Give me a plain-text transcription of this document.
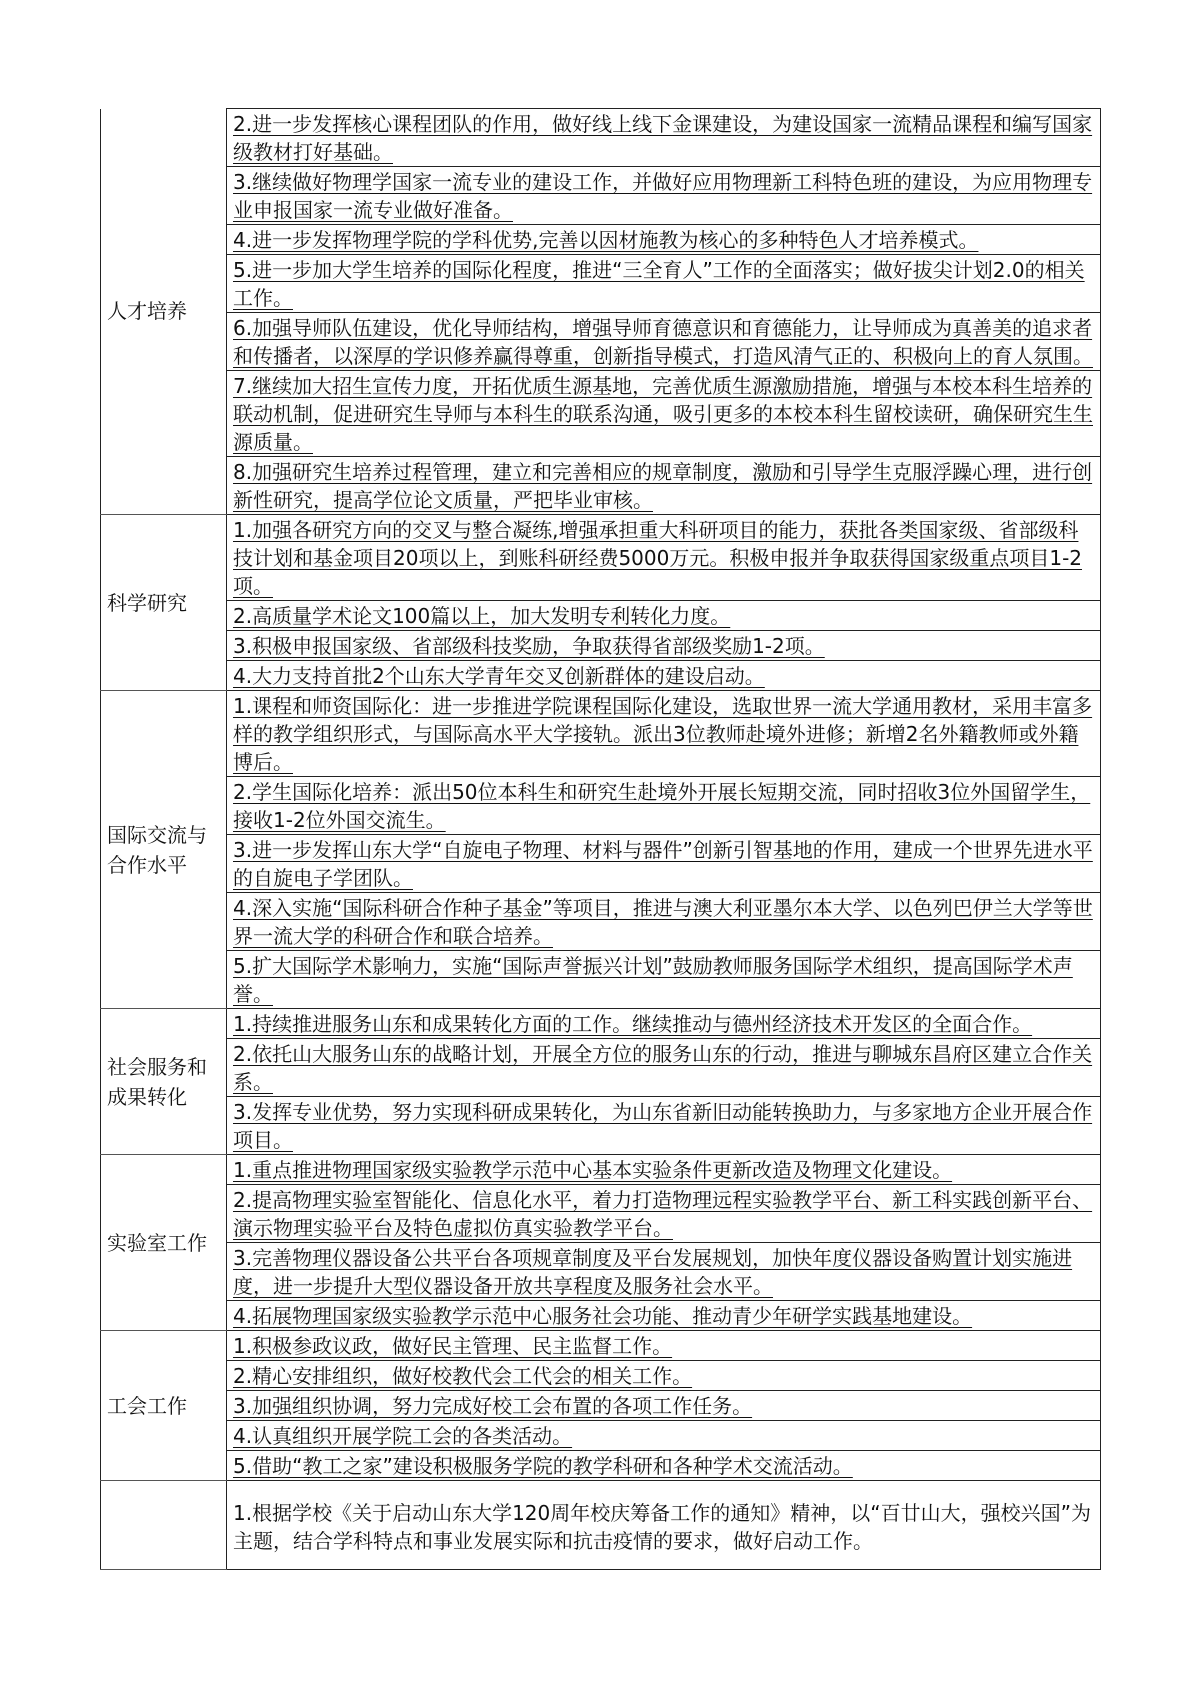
人才培养	2.进一步发挥核心课程团队的作用，做好线上线下金课建设，为建设国家一流精品课程和编写国家级教材打好基础。
	3.继续做好物理学国家一流专业的建设工作，并做好应用物理新工科特色班的建设，为应用物理专业申报国家一流专业做好准备。
	4.进一步发挥物理学院的学科优势,完善以因材施教为核心的多种特色人才培养模式。
	5.进一步加大学生培养的国际化程度，推进“三全育人”工作的全面落实；做好拔尖计划2.0的相关工作。
	6.加强导师队伍建设，优化导师结构，增强导师育德意识和育德能力，让导师成为真善美的追求者和传播者，以深厚的学识修养赢得尊重，创新指导模式，打造风清气正的、积极向上的育人氛围。
	7.继续加大招生宣传力度，开拓优质生源基地，完善优质生源激励措施，增强与本校本科生培养的联动机制，促进研究生导师与本科生的联系沟通，吸引更多的本校本科生留校读研，确保研究生生源质量。
	8.加强研究生培养过程管理，建立和完善相应的规章制度，激励和引导学生克服浮躁心理，进行创新性研究，提高学位论文质量，严把毕业审核。
科学研究	1.加强各研究方向的交叉与整合凝练,增强承担重大科研项目的能力，获批各类国家级、省部级科技计划和基金项目20项以上，到账科研经费5000万元。积极申报并争取获得国家级重点项目1-2项。
	2.高质量学术论文100篇以上，加大发明专利转化力度。
	3.积极申报国家级、省部级科技奖励，争取获得省部级奖励1-2项。
	4.大力支持首批2个山东大学青年交叉创新群体的建设启动。
国际交流与合作水平	1.课程和师资国际化：进一步推进学院课程国际化建设，选取世界一流大学通用教材，采用丰富多样的教学组织形式，与国际高水平大学接轨。派出3位教师赴境外进修；新增2名外籍教师或外籍博后。
	2.学生国际化培养：派出50位本科生和研究生赴境外开展长短期交流，同时招收3位外国留学生，接收1-2位外国交流生。
	3.进一步发挥山东大学“自旋电子物理、材料与器件”创新引智基地的作用，建成一个世界先进水平的自旋电子学团队。
	4.深入实施“国际科研合作种子基金”等项目，推进与澳大利亚墨尔本大学、以色列巴伊兰大学等世界一流大学的科研合作和联合培养。
	5.扩大国际学术影响力，实施“国际声誉振兴计划”鼓励教师服务国际学术组织，提高国际学术声誉。
社会服务和成果转化	1.持续推进服务山东和成果转化方面的工作。继续推动与德州经济技术开发区的全面合作。
	2.依托山大服务山东的战略计划，开展全方位的服务山东的行动，推进与聊城东昌府区建立合作关系。
	3.发挥专业优势，努力实现科研成果转化，为山东省新旧动能转换助力，与多家地方企业开展合作项目。
实验室工作	1.重点推进物理国家级实验教学示范中心基本实验条件更新改造及物理文化建设。
	2.提高物理实验室智能化、信息化水平，着力打造物理远程实验教学平台、新工科实践创新平台、演示物理实验平台及特色虚拟仿真实验教学平台。
	3.完善物理仪器设备公共平台各项规章制度及平台发展规划，加快年度仪器设备购置计划实施进度，进一步提升大型仪器设备开放共享程度及服务社会水平。
	4.拓展物理国家级实验教学示范中心服务社会功能、推动青少年研学实践基地建设。
工会工作	1.积极参政议政，做好民主管理、民主监督工作。
	2.精心安排组织，做好校教代会工代会的相关工作。
	3.加强组织协调，努力完成好校工会布置的各项工作任务。
	4.认真组织开展学院工会的各类活动。
	5.借助“教工之家”建设积极服务学院的教学科研和各种学术交流活动。
	1.根据学校《关于启动山东大学120周年校庆筹备工作的通知》精神，以“百廿山大，强校兴国”为主题，结合学科特点和事业发展实际和抗击疫情的要求，做好启动工作。
